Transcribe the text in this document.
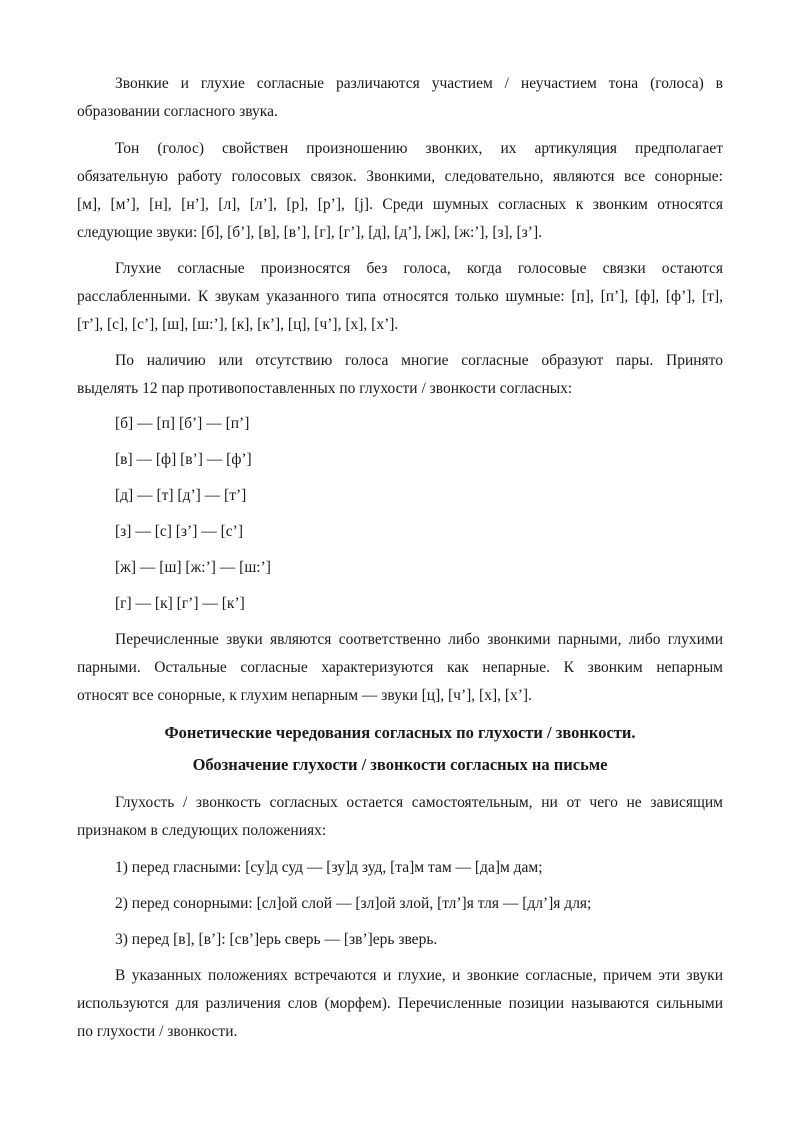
Звонкие и глухие согласные различаются участием / неучастием тона (голоса) в
образовании согласного звука.

Тон (голос) свойствен произношению звонких, их артикуляция предполагает
обязательную работу голосовых связок. Звонкими, следовательно, являются все сонорные:
[м], [м’], [н], [н’], [л], [л’], [р], [р’], [j]. Среди шумных согласных к звонким относятся
следующие звуки: [б], [б’], [в], [в’], [г], [г’], [д], [д’], [ж], [ж:’], [з], [з’].

Глухие согласные произносятся без голоса, когда голосовые связки остаются
расслабленными. К звукам указанного типа относятся только шумные: [п], [п’], [ф], [ф’], [т],
[т’], [с], [с’], [ш], [ш:’], [к], [к’], [ц], [ч’], [х], [х’].

По наличию или отсутствию голоса многие согласные образуют пары. Принято
выделять 12 пар противопоставленных по глухости / звонкости согласных:

[б] — [п] [б’] — [п’]

[в] — [ф] [в’] — [ф’]

[д] — [т] [д’] — [т’]

[з] — [с] [з’] — [с’]

[ж] — [ш] [ж:’] — [ш:’]

[г] — [к] [г’] — [к’]

Перечисленные звуки являются соответственно либо звонкими парными, либо глухими
парными. Остальные согласные характеризуются как непарные. К звонким непарным
относят все сонорные, к глухим непарным — звуки [ц], [ч’], [х], [х’].

Фонетические чередования согласных по глухости / звонкости.

Обозначение глухости / звонкости согласных на письме

Глухость / звонкость согласных остается самостоятельным, ни от чего не зависящим
признаком в следующих положениях:

1) перед гласными: [су]д суд — [зу]д зуд, [та]м там — [да]м дам;

2) перед сонорными: [сл]ой слой — [зл]ой злой, [тл’]я тля — [дл’]я для;

3) перед [в], [в’]: [св’]ерь сверь — [зв’]ерь зверь.

В указанных положениях встречаются и глухие, и звонкие согласные, причем эти звуки
используются для различения слов (морфем). Перечисленные позиции называются сильными
по глухости / звонкости.
